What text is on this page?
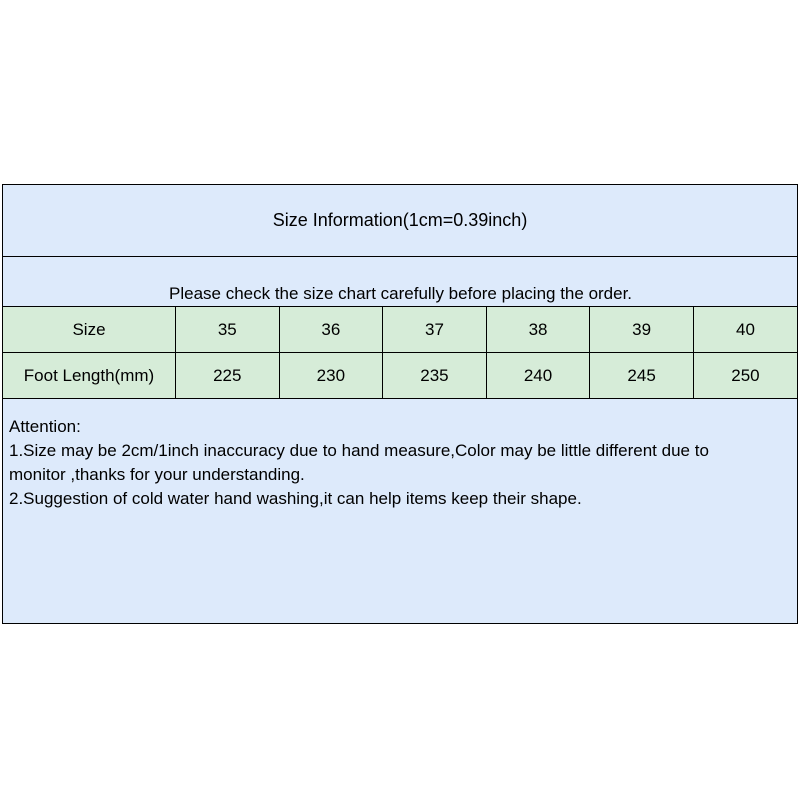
Size Information(1cm=0.39inch)
Please check the size chart carefully before placing the order.
Size	35	36	37	38	39	40
Foot Length(mm)	225	230	235	240	245	250
Attention:
1.Size may be 2cm/1inch inaccuracy due to hand measure,Color may be little different due to
monitor ,thanks for your understanding.
2.Suggestion of cold water hand washing,it can help items keep their shape.
